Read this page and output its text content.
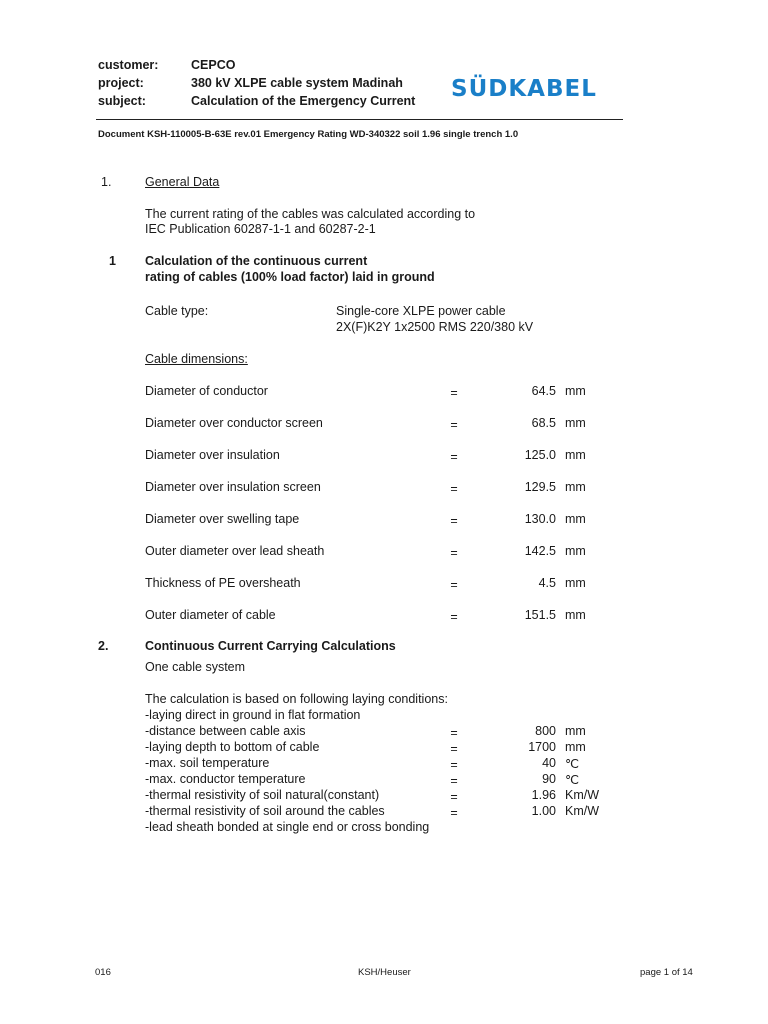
customer:	CEPCO
project:	380 kV XLPE cable system Madinah
subject:	Calculation of the Emergency Current SÜDKABEL
Document KSH-110005-B-63E rev.01 Emergency Rating WD-340322 soil 1.96 single trench 1.0
1.	General Data
The current rating of the cables was calculated according to
IEC Publication 60287-1-1 and 60287-2-1
1 Calculation of the continuous current
rating of cables (100% load factor) laid in ground
Cable type:	Single-core XLPE power cable
2X(F)K2Y 1x2500 RMS 220/380 kV
Cable dimensions:
Diameter of conductor	=	64.5 mm
Diameter over conductor screen	=	68.5 mm
Diameter over insulation	=	125.0 mm
Diameter over insulation screen	=	129.5 mm
Diameter over swelling tape	=	130.0 mm
Outer diameter over lead sheath	=	142.5 mm
Thickness of PE oversheath	=	4.5 mm
Outer diameter of cable	=	151.5 mm
2.	Continuous Current Carrying Calculations
One cable system
The calculation is based on following laying conditions:
-laying direct in ground in flat formation
-distance between cable axis	=	800 mm
-laying depth to bottom of cable	=	1700 mm
-max. soil temperature	=	40 ℃
-max. conductor temperature	=	90 ℃
-thermal resistivity of soil natural(constant)	=	1.96 Km/W
-thermal resistivity of soil around the cables	=	1.00 Km/W
-lead sheath bonded at single end or cross bonding
016	KSH/Heuser	page 1 of 14
